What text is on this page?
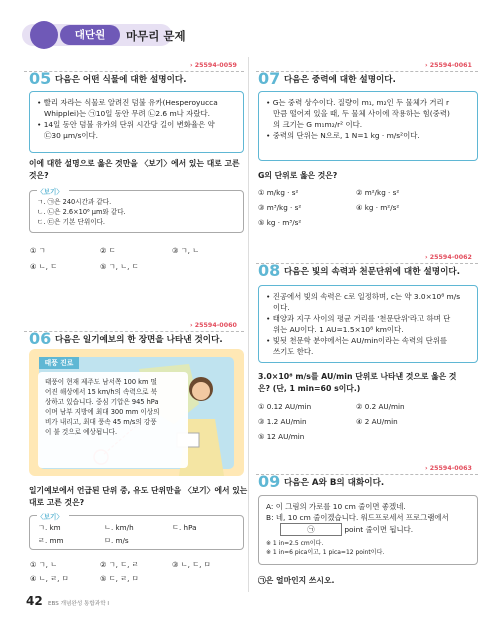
대단원	마무리 문제
› 25594-0059
05 다음은 어떤 식물에 대한 설명이다.
• 빨리 자라는 식물로 알려진 덤불 유카(Hesperoyucca
Whipplei)는 ㉠10일 동안 무려 ㉡2.6 m나 자랐다.
• 14일 동안 덤불 유카의 단위 시간당 길이 변화율은 약
㉢30 μm/s이다.
이에 대한 설명으로 옳은 것만을 〈보기〉에서 있는 대로 고른
것은?
〈보기〉
ㄱ. ㉠은 240시간과 같다.
ㄴ. ㉡은 2.6×10⁶ μm와 같다.
ㄷ. ㉢은 기본 단위이다.
① ㄱ	② ㄷ	③ ㄱ, ㄴ
④ ㄴ, ㄷ	⑤ ㄱ, ㄴ, ㄷ
› 25594-0060
06 다음은 일기예보의 한 장면을 나타낸 것이다.
태풍 진로
태풍이 현재 제주도 남서쪽 100 km 떨
어진 해상에서 15 km/h의 속력으로 북
상하고 있습니다. 중심 기압은 945 hPa
이며 남부 지방에 최대 300 mm 이상의
비가 내리고, 최대 풍속 45 m/s의 강풍
이 불 것으로 예상됩니다.
일기예보에서 언급된 단위 중, 유도 단위만을 〈보기〉에서 있는
대로 고른 것은?
〈보기〉
ㄱ. km	ㄴ. km/h	ㄷ. hPa
ㄹ. mm	ㅁ. m/s
① ㄱ, ㄴ	② ㄱ, ㄷ, ㄹ	③ ㄴ, ㄷ, ㅁ
④ ㄴ, ㄹ, ㅁ	⑤ ㄷ, ㄹ, ㅁ
› 25594-0061
07 다음은 중력에 대한 설명이다.
• G는 중력 상수이다. 질량이 m₁, m₂인 두 물체가 거리 r
만큼 떨어져 있을 때, 두 물체 사이에 작용하는 힘(중력)
의 크기는 G m₁m₂/r² 이다.
• 중력의 단위는 N으로, 1 N=1 kg · m/s²이다.
G의 단위로 옳은 것은?
① m/kg · s²	② m²/kg · s²
③ m³/kg · s²	④ kg · m²/s²
⑤ kg · m³/s²
› 25594-0062
08 다음은 빛의 속력과 천문단위에 대한 설명이다.
• 진공에서 빛의 속력은 c로 일정하며, c는 약 3.0×10⁸ m/s
이다.
• 태양과 지구 사이의 평균 거리를 '천문단위'라고 하며 단
위는 AU이다. 1 AU=1.5×10⁸ km이다.
• 빛됫 천문학 분야에서는 AU/min이라는 속력의 단위를
쓰기도 한다.
3.0×10⁸ m/s를 AU/min 단위로 나타낸 것으로 옳은 것
은? (단, 1 min=60 s이다.)
① 0.12 AU/min	② 0.2 AU/min
③ 1.2 AU/min	④ 2 AU/min
⑤ 12 AU/min
› 25594-0063
09 다음은 A와 B의 대화이다.
A: 이 그림의 가로를 10 cm 줄이면 좋겠네.
B: 네, 10 cm 줄이겠습니다. 워드프로세서 프로그램에서
㉠	point 줄이면 됩니다.
※ 1 in=2.5 cm이다.
※ 1 in=6 pica이고, 1 pica=12 point이다.
㉠은 얼마인지 쓰시오.
42 EBS 개념완성 통합과학 Ⅰ
